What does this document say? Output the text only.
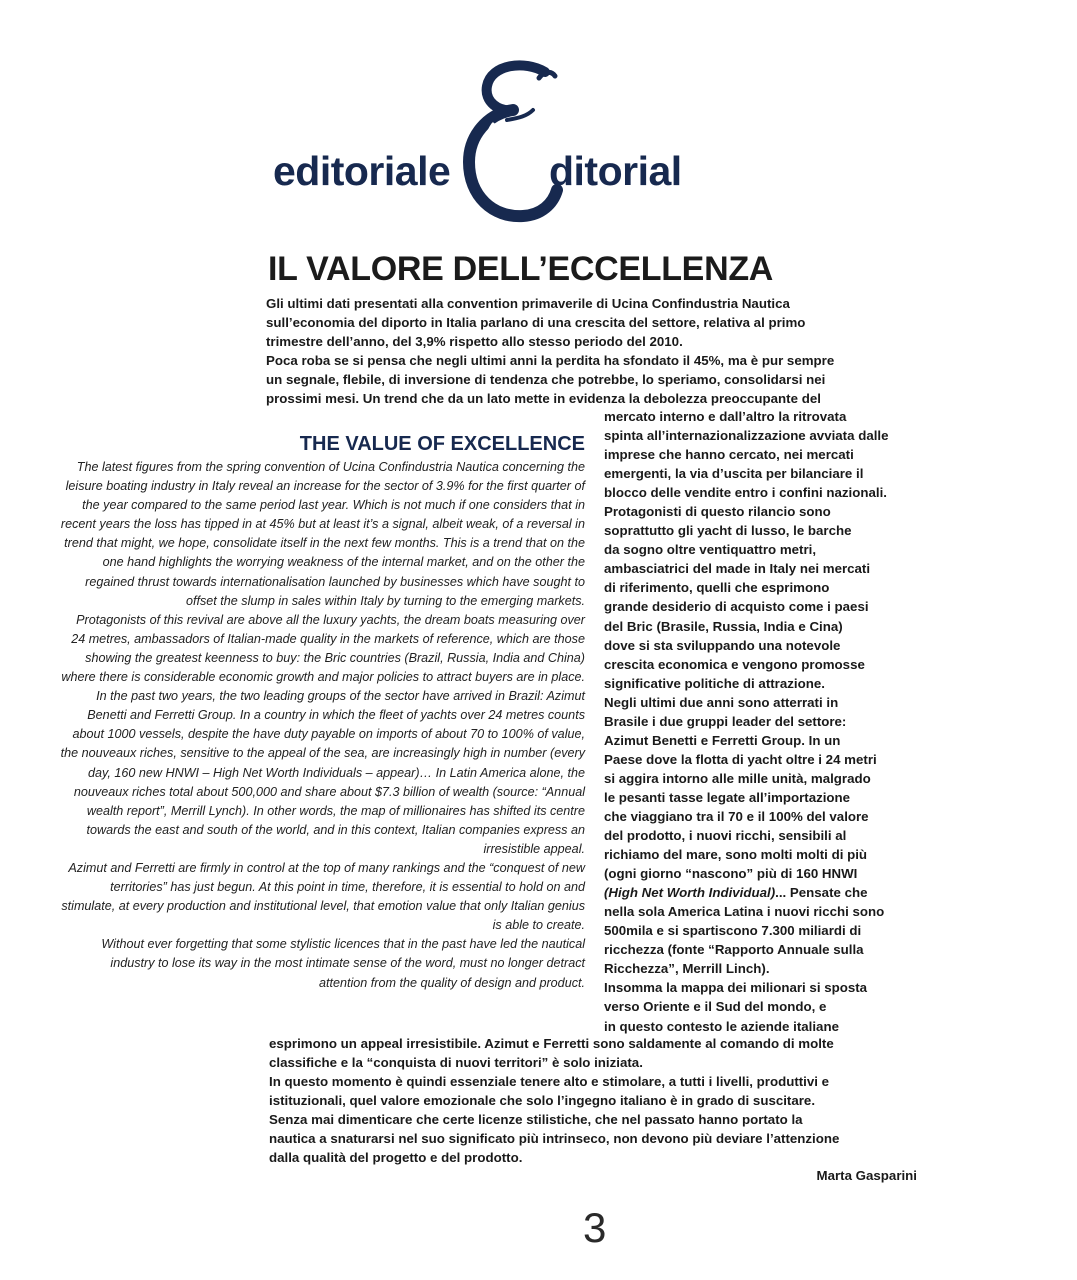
editoriale ditorial
IL VALORE DELL’ECCELLENZA
Gli ultimi dati presentati alla convention primaverile di Ucina Confindustria Nautica
sull’economia del diporto in Italia parlano di una crescita del settore, relativa al primo
trimestre dell’anno, del 3,9% rispetto allo stesso periodo del 2010.
Poca roba se si pensa che negli ultimi anni la perdita ha sfondato il 45%, ma è pur sempre
un segnale, flebile, di inversione di tendenza che potrebbe, lo speriamo, consolidarsi nei
prossimi mesi. Un trend che da un lato mette in evidenza la debolezza preoccupante del
THE VALUE OF EXCELLENCE

The latest figures from the spring convention of Ucina Confindustria Nautica concerning the leisure boating industry in Italy reveal an increase for the sector of 3.9% for the first quarter of the year compared to the same period last year. Which is not much if one considers that in recent years the loss has tipped in at 45% but at least it’s a signal, albeit weak, of a reversal in trend that might, we hope, consolidate itself in the next few months. This is a trend that on the one hand highlights the worrying weakness of the internal market, and on the other the regained thrust towards internationalisation launched by businesses which have sought to offset the slump in sales within Italy by turning to the emerging markets.

Protagonists of this revival are above all the luxury yachts, the dream boats measuring over 24 metres, ambassadors of Italian-made quality in the markets of reference, which are those showing the greatest keenness to buy: the Bric countries (Brazil, Russia, India and China) where there is considerable economic growth and major policies to attract buyers are in place. In the past two years, the two leading groups of the sector have arrived in Brazil: Azimut Benetti and Ferretti Group. In a country in which the fleet of yachts over 24 metres counts about 1000 vessels, despite the have duty payable on imports of about 70 to 100% of value, the nouveaux riches, sensitive to the appeal of the sea, are increasingly high in number (every day, 160 new HNWI – High Net Worth Individuals – appear)… In Latin America alone, the nouveaux riches total about 500,000 and share about $7.3 billion of wealth (source: “Annual wealth report”, Merrill Lynch). In other words, the map of millionaires has shifted its centre towards the east and south of the world, and in this context, Italian companies express an irresistible appeal.

Azimut and Ferretti are firmly in control at the top of many rankings and the “conquest of new territories” has just begun. At this point in time, therefore, it is essential to hold on and stimulate, at every production and institutional level, that emotion value that only Italian genius is able to create.

Without ever forgetting that some stylistic licences that in the past have led the nautical industry to lose its way in the most intimate sense of the word, must no longer detract attention from the quality of design and product.

mercato interno e dall’altro la ritrovata
spinta all’internazionalizzazione avviata dalle
imprese che hanno cercato, nei mercati
emergenti, la via d’uscita per bilanciare il
blocco delle vendite entro i confini nazionali.
Protagonisti di questo rilancio sono
soprattutto gli yacht di lusso, le barche
da sogno oltre ventiquattro metri,
ambasciatrici del made in Italy nei mercati
di riferimento, quelli che esprimono
grande desiderio di acquisto come i paesi
del Bric (Brasile, Russia, India e Cina)
dove si sta sviluppando una notevole
crescita economica e vengono promosse
significative politiche di attrazione.
Negli ultimi due anni sono atterrati in
Brasile i due gruppi leader del settore:
Azimut Benetti e Ferretti Group. In un
Paese dove la flotta di yacht oltre i 24 metri
si aggira intorno alle mille unità, malgrado
le pesanti tasse legate all’importazione
che viaggiano tra il 70 e il 100% del valore
del prodotto, i nuovi ricchi, sensibili al
richiamo del mare, sono molti molti di più
(ogni giorno “nascono” più di 160 HNWI
(High Net Worth Individual)... Pensate che
nella sola America Latina i nuovi ricchi sono
500mila e si spartiscono 7.300 miliardi di
ricchezza (fonte “Rapporto Annuale sulla
Ricchezza”, Merrill Linch).
Insomma la mappa dei milionari si sposta
verso Oriente e il Sud del mondo, e
in questo contesto le aziende italiane
esprimono un appeal irresistibile. Azimut e Ferretti sono saldamente al comando di molte
classifiche e la “conquista di nuovi territori” è solo iniziata.
In questo momento è quindi essenziale tenere alto e stimolare, a tutti i livelli, produttivi e
istituzionali, quel valore emozionale che solo l’ingegno italiano è in grado di suscitare.
Senza mai dimenticare che certe licenze stilistiche, che nel passato hanno portato la
nautica a snaturarsi nel suo significato più intrinseco, non devono più deviare l’attenzione
dalla qualità del progetto e del prodotto.
Marta Gasparini
3
